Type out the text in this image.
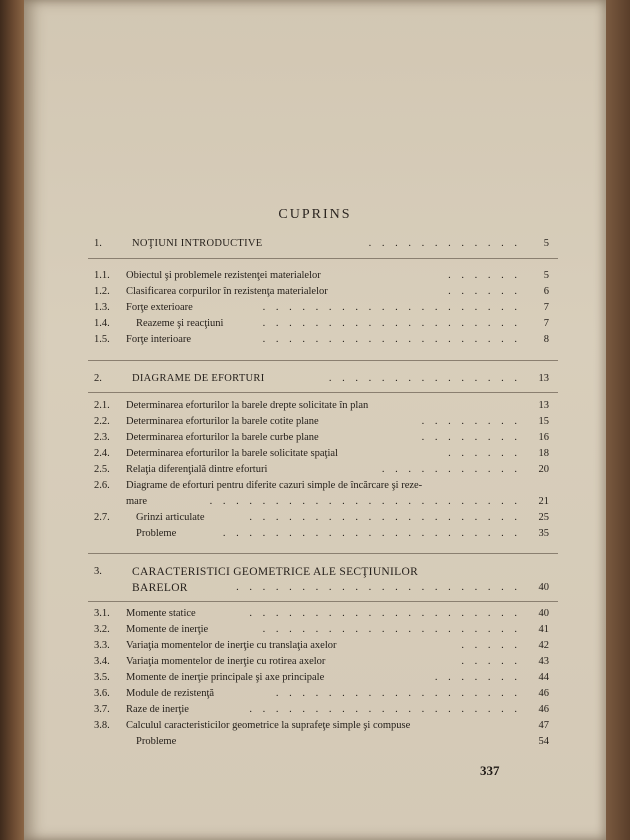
CUPRINS
1.	NOŢIUNI INTRODUCTIVE	. . . . . . . . . . . . 5
1.1. Obiectul şi problemele rezistenţei materialelor	. . . . . . 5
1.2. Clasificarea corpurilor în rezistenţa materialelor	. . . . . . 6
1.3. Forţe exterioare	. . . . . . . . . . . . . . . . . . . . 7
1.4.	Reazeme şi reacţiuni	. . . . . . . . . . . . . . . . . . . . 7
1.5. Forţe interioare	. . . . . . . . . . . . . . . . . . . . 8
2.	DIAGRAME DE EFORTURI	. . . . . . . . . . . . . . . 13
2.1. Determinarea eforturilor la barele drepte solicitate în plan	13
2.2. Determinarea eforturilor la barele cotite plane	. . . . . . . . 15
2.3. Determinarea eforturilor la barele curbe plane	. . . . . . . . 16
2.4. Determinarea eforturilor la barele solicitate spaţial	. . . . . . 18
2.5. Relaţia diferenţială dintre eforturi	. . . . . . . . . . . 20
2.6. Diagrame de eforturi pentru diferite cazuri simple de încărcare şi reze-
mare	. . . . . . . . . . . . . . . . . . . . . . . . 21
2.7.	Grinzi articulate	. . . . . . . . . . . . . . . . . . . . . 25
Probleme	. . . . . . . . . . . . . . . . . . . . . . . 35
3.	CARACTERISTICI GEOMETRICE ALE SECŢIUNILOR
BARELOR	. . . . . . . . . . . . . . . . . . . . . . 40
3.1. Momente statice	. . . . . . . . . . . . . . . . . . . . . 40
3.2. Momente de inerţie	. . . . . . . . . . . . . . . . . . . . 41
3.3. Variaţia momentelor de inerţie cu translaţia axelor	. . . . . 42
3.4. Variaţia momentelor de inerţie cu rotirea axelor	. . . . . 43
3.5. Momente de inerţie principale şi axe principale	. . . . . . . 44
3.6. Module de rezistenţă	. . . . . . . . . . . . . . . . . . . 46
3.7. Raze de inerţie	. . . . . . . . . . . . . . . . . . . . . 46
3.8. Calculul caracteristicilor geometrice la suprafeţe simple şi compuse	47
Probleme	54
337
